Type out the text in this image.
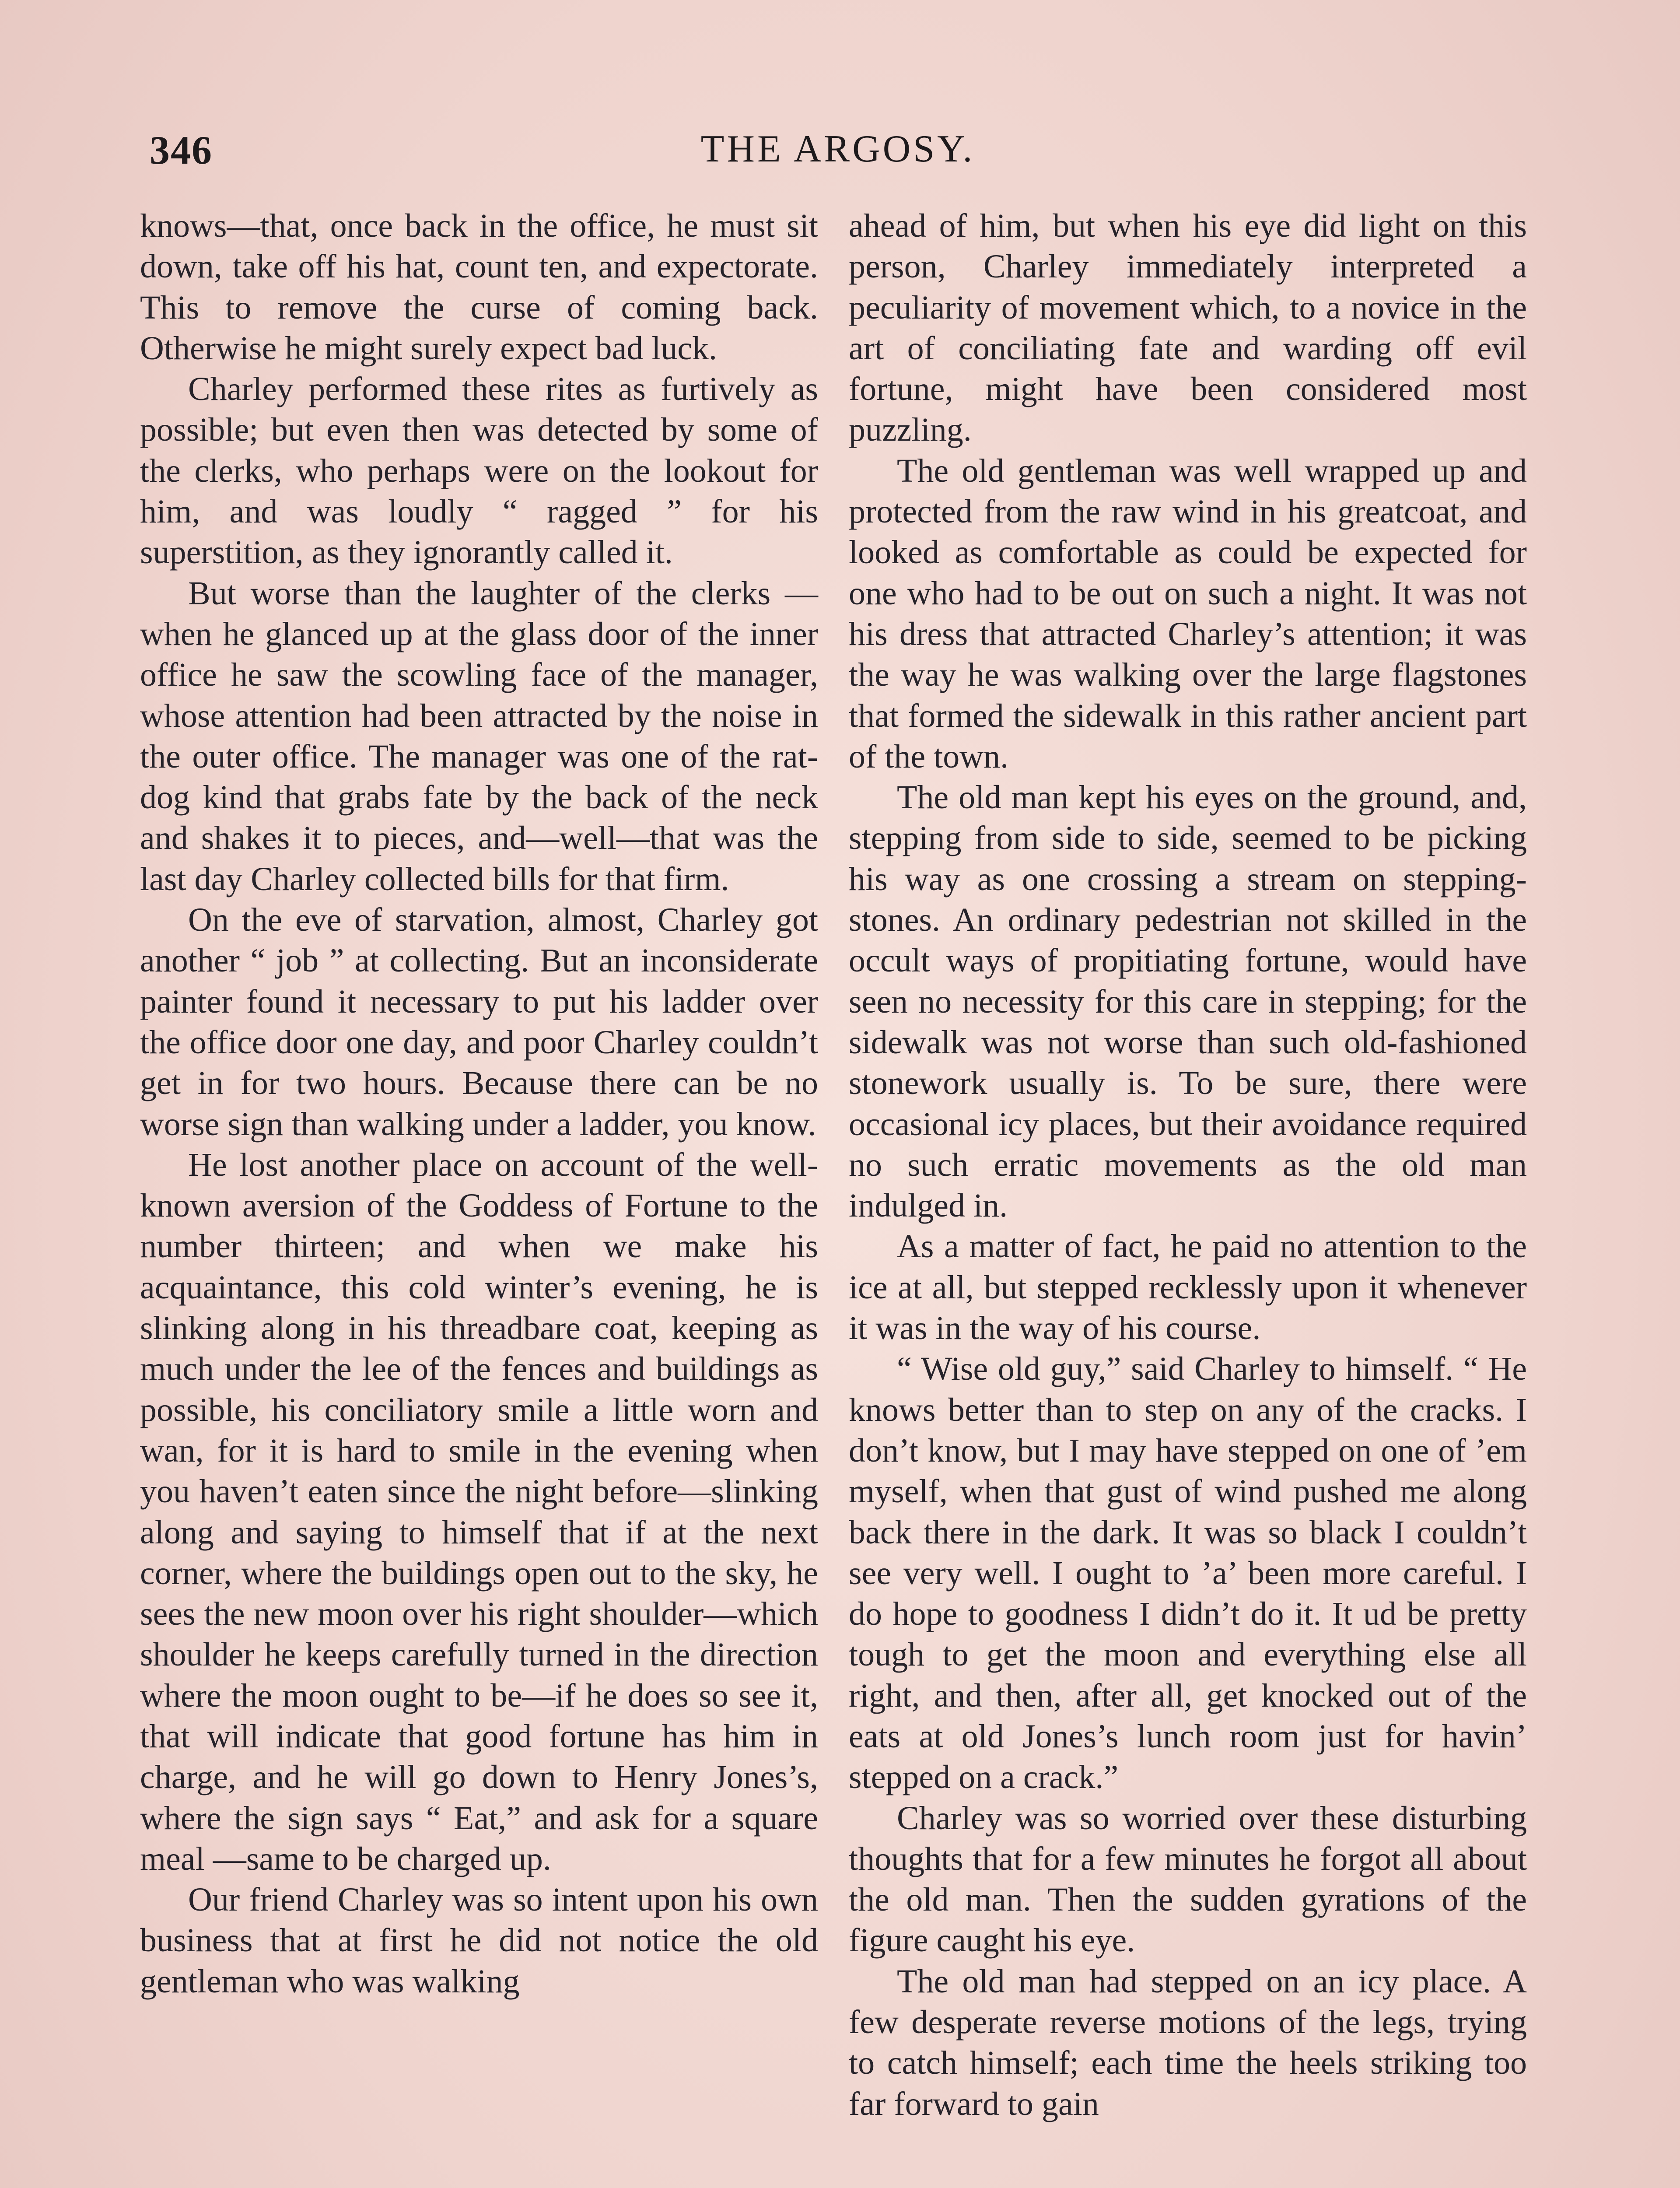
346	THE ARGOSY.

knows—that, once back in the office, he must sit down, take off his hat, count ten, and expectorate. This to remove the curse of coming back. Otherwise he might surely expect bad luck.

Charley performed these rites as furtively as possible; but even then was detected by some of the clerks, who perhaps were on the lookout for him, and was loudly “ ragged ” for his superstition, as they ignorantly called it.

But worse than the laughter of the clerks —when he glanced up at the glass door of the inner office he saw the scowling face of the manager, whose attention had been attracted by the noise in the outer office. The manager was one of the rat-dog kind that grabs fate by the back of the neck and shakes it to pieces, and—well—that was the last day Charley collected bills for that firm.

On the eve of starvation, almost, Charley got another “ job ” at collecting. But an inconsiderate painter found it necessary to put his ladder over the office door one day, and poor Charley couldn’t get in for two hours. Because there can be no worse sign than walking under a ladder, you know.

He lost another place on account of the well-known aversion of the Goddess of Fortune to the number thirteen; and when we make his acquaintance, this cold winter’s evening, he is slinking along in his threadbare coat, keeping as much under the lee of the fences and buildings as possible, his conciliatory smile a little worn and wan, for it is hard to smile in the evening when you haven’t eaten since the night before—slinking along and saying to himself that if at the next corner, where the buildings open out to the sky, he sees the new moon over his right shoulder—which shoulder he keeps carefully turned in the direction where the moon ought to be—if he does so see it, that will indicate that good fortune has him in charge, and he will go down to Henry Jones’s, where the sign says “ Eat,” and ask for a square meal —same to be charged up.

Our friend Charley was so intent upon his own business that at first he did not notice the old gentleman who was walking

ahead of him, but when his eye did light on this person, Charley immediately interpreted a peculiarity of movement which, to a novice in the art of conciliating fate and warding off evil fortune, might have been considered most puzzling.

The old gentleman was well wrapped up and protected from the raw wind in his greatcoat, and looked as comfortable as could be expected for one who had to be out on such a night. It was not his dress that attracted Charley’s attention; it was the way he was walking over the large flagstones that formed the sidewalk in this rather ancient part of the town.

The old man kept his eyes on the ground, and, stepping from side to side, seemed to be picking his way as one crossing a stream on stepping-stones. An ordinary pedestrian not skilled in the occult ways of propitiating fortune, would have seen no necessity for this care in stepping; for the sidewalk was not worse than such old-fashioned stonework usually is. To be sure, there were occasional icy places, but their avoidance required no such erratic movements as the old man indulged in.

As a matter of fact, he paid no attention to the ice at all, but stepped recklessly upon it whenever it was in the way of his course.

“ Wise old guy,” said Charley to himself. “ He knows better than to step on any of the cracks. I don’t know, but I may have stepped on one of ’em myself, when that gust of wind pushed me along back there in the dark. It was so black I couldn’t see very well. I ought to ’a’ been more careful. I do hope to goodness I didn’t do it. It ud be pretty tough to get the moon and everything else all right, and then, after all, get knocked out of the eats at old Jones’s lunch room just for havin’ stepped on a crack.”

Charley was so worried over these disturbing thoughts that for a few minutes he forgot all about the old man. Then the sudden gyrations of the figure caught his eye.

The old man had stepped on an icy place. A few desperate reverse motions of the legs, trying to catch himself; each time the heels striking too far forward to gain
